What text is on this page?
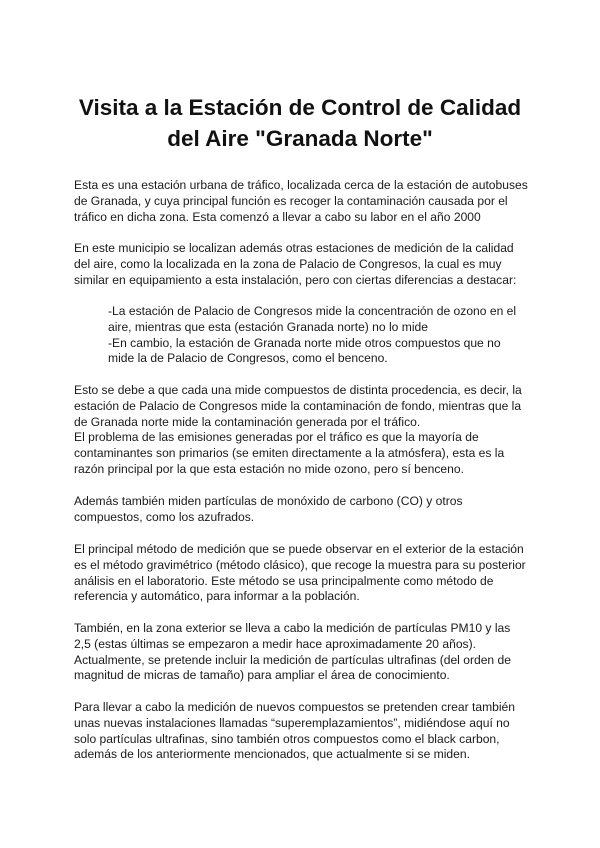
Visita a la Estación de Control de Calidad
del Aire "Granada Norte"

Esta es una estación urbana de tráfico, localizada cerca de la estación de autobuses
de Granada, y cuya principal función es recoger la contaminación causada por el
tráfico en dicha zona. Esta comenzó a llevar a cabo su labor en el año 2000

En este municipio se localizan además otras estaciones de medición de la calidad
del aire, como la localizada en la zona de Palacio de Congresos, la cual es muy
similar en equipamiento a esta instalación, pero con ciertas diferencias a destacar:

-La estación de Palacio de Congresos mide la concentración de ozono en el
aire, mientras que esta (estación Granada norte) no lo mide
-En cambio, la estación de Granada norte mide otros compuestos que no
mide la de Palacio de Congresos, como el benceno.

Esto se debe a que cada una mide compuestos de distinta procedencia, es decir, la
estación de Palacio de Congresos mide la contaminación de fondo, mientras que la
de Granada norte mide la contaminación generada por el tráfico.
El problema de las emisiones generadas por el tráfico es que la mayoría de
contaminantes son primarios (se emiten directamente a la atmósfera), esta es la
razón principal por la que esta estación no mide ozono, pero sí benceno.

Además también miden partículas de monóxido de carbono (CO) y otros
compuestos, como los azufrados.

El principal método de medición que se puede observar en el exterior de la estación
es el método gravimétrico (método clásico), que recoge la muestra para su posterior
análisis en el laboratorio. Este método se usa principalmente como método de
referencia y automático, para informar a la población.

También, en la zona exterior se lleva a cabo la medición de partículas PM10 y las
2,5 (estas últimas se empezaron a medir hace aproximadamente 20 años).
Actualmente, se pretende incluir la medición de partículas ultrafinas (del orden de
magnitud de micras de tamaño) para ampliar el área de conocimiento.

Para llevar a cabo la medición de nuevos compuestos se pretenden crear también
unas nuevas instalaciones llamadas “superemplazamientos”, midiéndose aquí no
solo partículas ultrafinas, sino también otros compuestos como el black carbon,
además de los anteriormente mencionados, que actualmente si se miden.
